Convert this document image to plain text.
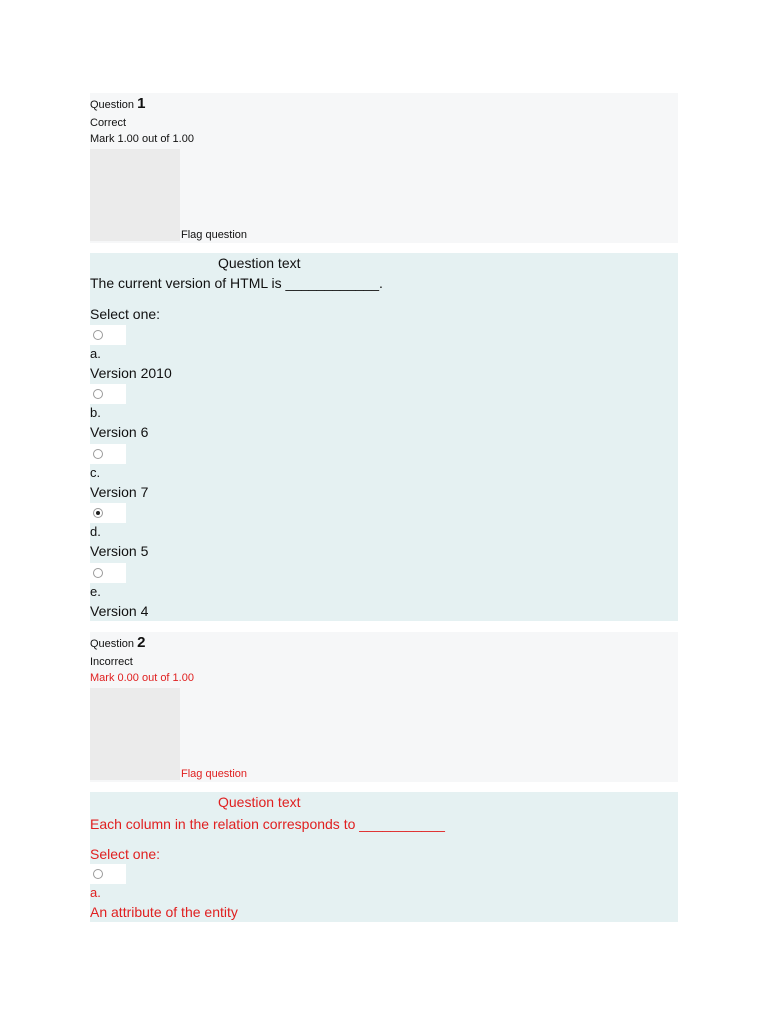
Question 1
Correct
Mark 1.00 out of 1.00
Flag question
Question text
The current version of HTML is ____________.
Select one:
a.
Version 2010
b.
Version 6
c.
Version 7
d.
Version 5
e.
Version 4
Question 2
Incorrect
Mark 0.00 out of 1.00
Flag question
Question text
Each column in the relation corresponds to ___________
Select one:
a.
An attribute of the entity
